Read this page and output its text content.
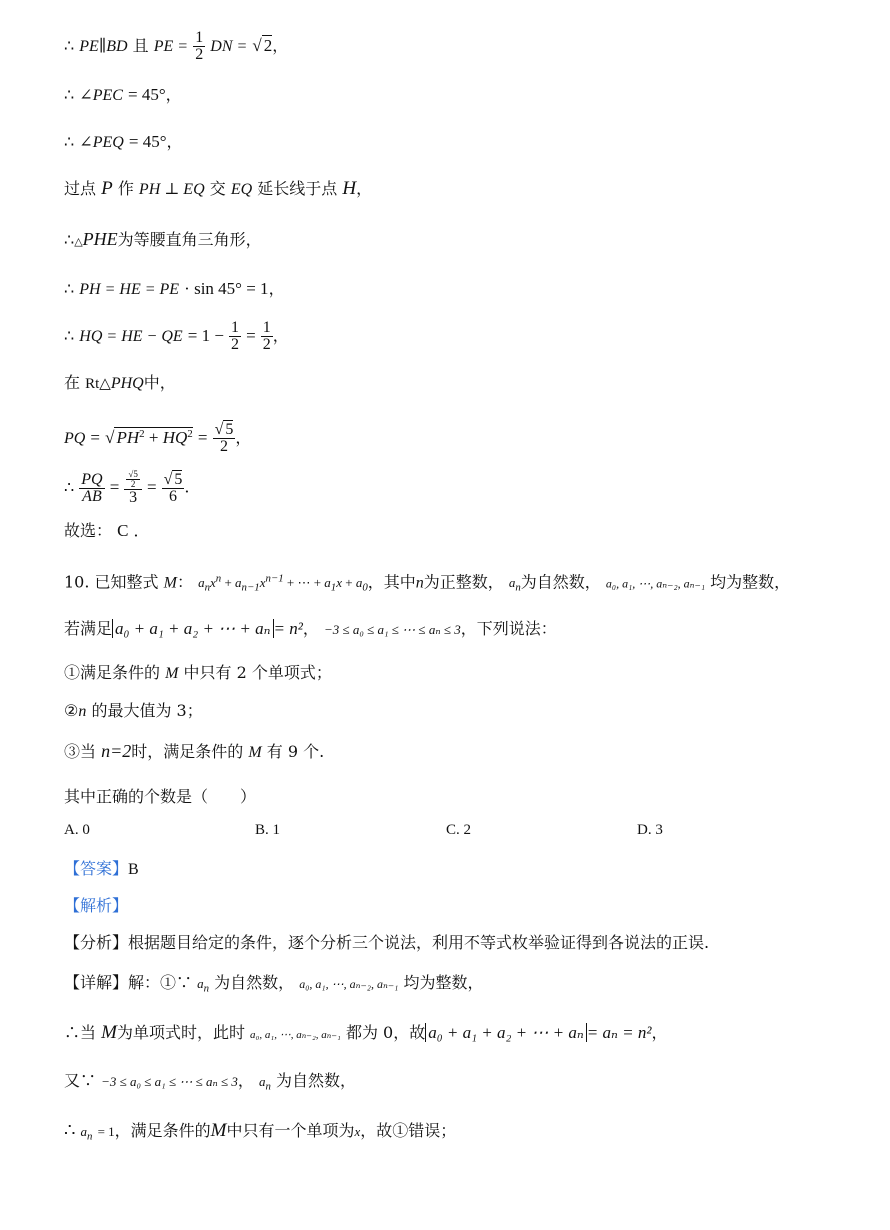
∴ PE∥BD 且 PE = $\frac{1}{2}$ DN = √ 2，
∴ ∠PEC = 45°，
∴ ∠PEQ = 45°，
过点 P 作 PH ⊥ EQ 交 EQ 延长线于点 H，
∴△PHE为等腰直角三角形，
∴ PH = HE = PE · sin 45° = 1，
∴ HQ = HE − QE = $1 - \frac{1}{2} = \frac{1}{2}$ ，
在 Rt△PHQ中，
PQ = √ $PH^2 + HQ^2 = \frac{√ 5}{2}$ ，
∴ $\frac{PQ}{AB} = \frac{\frac{√5}{2}}{3} = \frac{√ 5}{6}$ .
故选： C ．
10. 已知整式 M： $a_nx^n + a_{n-1}x^{n-1}$ + ⋯ + $a_1x + a_0$，其中n为正整数， $a_n$为自然数， a₀, a₁, ⋯, aₙ₋₂, aₙ₋₁ 均为整数，
若满足 a₀ + a₁ + a₂ + ⋯ + aₙ = n²， −3 ≤ a₀ ≤ a₁ ≤ ⋯ ≤ aₙ ≤ 3，下列说法：
①满足条件的 M 中只有 2 个单项式；
②n 的最大值为 3；
③当 n=2时，满足条件的 M 有 9 个.
其中正确的个数是（　　）
A. 0	B. 1	C. 2	D. 3
【答案】B
【解析】
【分析】根据题目给定的条件，逐个分析三个说法，利用不等式枚举验证得到各说法的正误.
【详解】解：①∵ $a_n$ 为自然数， a₀, a₁, ⋯, aₙ₋₂, aₙ₋₁ 均为整数，
∴当 M为单项式时，此时 a₀, a₁, ⋯, aₙ₋₂, aₙ₋₁ 都为 0，故 a₀ + a₁ + a₂ + ⋯ + aₙ = aₙ = n²，
又∵ −3 ≤ a₀ ≤ a₁ ≤ ⋯ ≤ aₙ ≤ 3， $a_n$ 为自然数，
∴ $a_n = 1$，满足条件的M中只有一个单项为x，故①错误；
